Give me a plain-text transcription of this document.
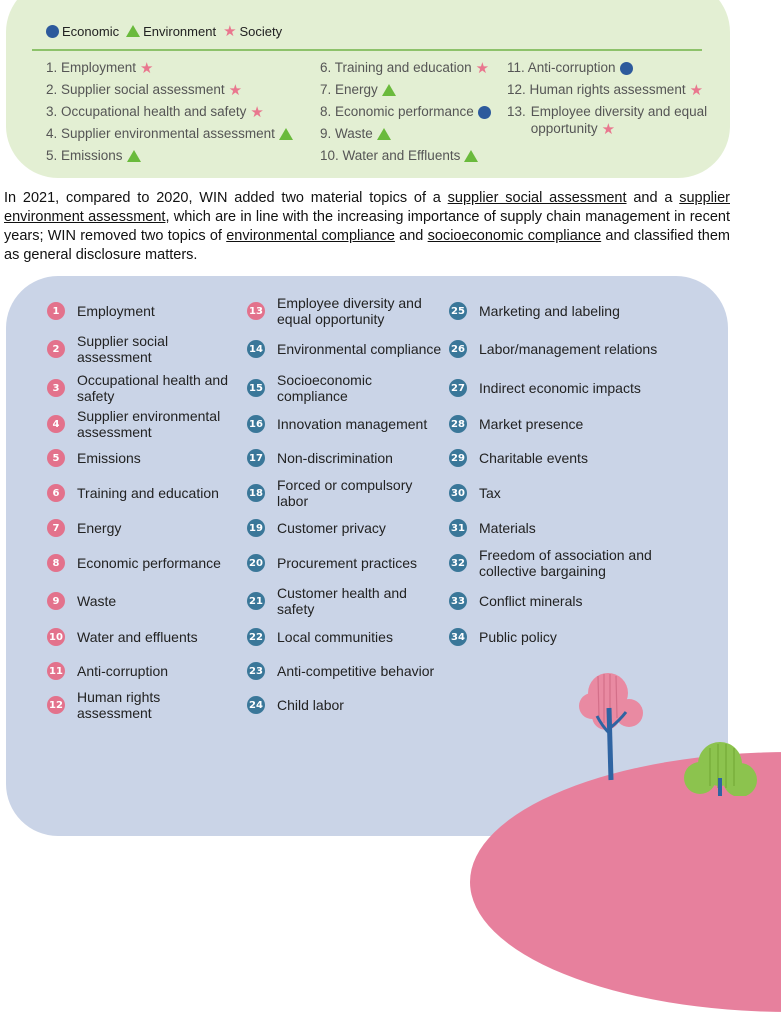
Economic Environment ★ Society
1. Employment ★
2. Supplier social assessment ★
3. Occupational health and safety ★
4. Supplier environmental assessment
5. Emissions
6. Training and education ★
7. Energy
8. Economic performance
9. Waste
10. Water and Effluents
11. Anti-corruption
12. Human rights assessment ★
13. Employee diversity and equal opportunity ★
In 2021, compared to 2020, WIN added two material topics of a supplier social assessment and a supplier environment assessment, which are in line with the increasing importance of supply chain management in recent years; WIN removed two topics of environmental compliance and socioeconomic compliance and classified them as general disclosure matters.
1	Employment
2	Supplier social assessment
3	Occupational health and safety
4	Supplier environmental assessment
5	Emissions
6	Training and education
7	Energy
8	Economic performance
9	Waste
10 Water and effluents
11 Anti-corruption
12 Human rights assessment
13 Employee diversity and equal opportunity
14 Environmental compliance
15 Socioeconomic compliance
16 Innovation management
17 Non-discrimination
18 Forced or compulsory labor
19 Customer privacy
20 Procurement practices
21 Customer health and safety
22 Local communities
23 Anti-competitive behavior
24 Child labor
25 Marketing and labeling
26 Labor/management relations
27 Indirect economic impacts
28 Market presence
29 Charitable events
30 Tax
31 Materials
32 Freedom of association and collective bargaining
33 Conflict minerals
34 Public policy
